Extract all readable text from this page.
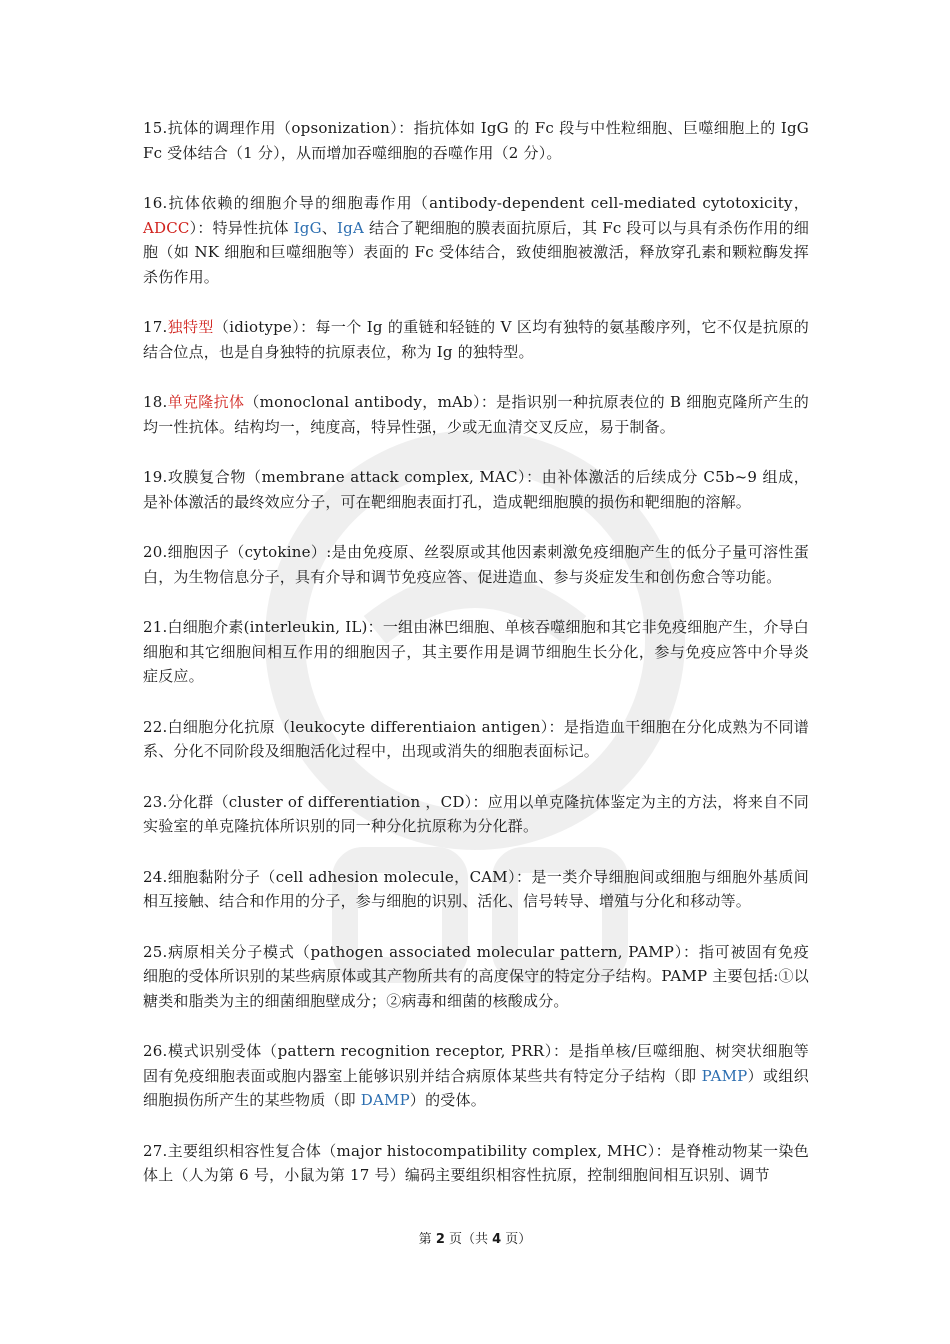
15.抗体的调理作用（opsonization）：指抗体如 IgG 的 Fc 段与中性粒细胞、巨噬细胞上的 IgG Fc 受体结合（1 分），从而增加吞噬细胞的吞噬作用（2 分）。

16.抗体依赖的细胞介导的细胞毒作用（antibody-dependent cell-mediated cytotoxicity，ADCC）：特异性抗体 IgG、IgA 结合了靶细胞的膜表面抗原后，其 Fc 段可以与具有杀伤作用的细胞（如 NK 细胞和巨噬细胞等）表面的 Fc 受体结合，致使细胞被激活，释放穿孔素和颗粒酶发挥杀伤作用。

17.独特型（idiotype）：每一个 Ig 的重链和轻链的 V 区均有独特的氨基酸序列，它不仅是抗原的结合位点，也是自身独特的抗原表位，称为 Ig 的独特型。

18.单克隆抗体（monoclonal antibody，mAb）：是指识别一种抗原表位的 B 细胞克隆所产生的均一性抗体。结构均一，纯度高，特异性强，少或无血清交叉反应，易于制备。

19.攻膜复合物（membrane attack complex, MAC）：由补体激活的后续成分 C5b~9 组成，是补体激活的最终效应分子，可在靶细胞表面打孔，造成靶细胞膜的损伤和靶细胞的溶解。

20.细胞因子（cytokine）:是由免疫原、丝裂原或其他因素刺激免疫细胞产生的低分子量可溶性蛋白，为生物信息分子，具有介导和调节免疫应答、促进造血、参与炎症发生和创伤愈合等功能。

21.白细胞介素(interleukin, IL)：一组由淋巴细胞、单核吞噬细胞和其它非免疫细胞产生，介导白细胞和其它细胞间相互作用的细胞因子，其主要作用是调节细胞生长分化，参与免疫应答中介导炎症反应。

22.白细胞分化抗原（leukocyte differentiaion antigen）：是指造血干细胞在分化成熟为不同谱系、分化不同阶段及细胞活化过程中，出现或消失的细胞表面标记。

23.分化群（cluster of differentiation ，CD）：应用以单克隆抗体鉴定为主的方法，将来自不同实验室的单克隆抗体所识别的同一种分化抗原称为分化群。

24.细胞黏附分子（cell adhesion molecule，CAM）：是一类介导细胞间或细胞与细胞外基质间相互接触、结合和作用的分子，参与细胞的识别、活化、信号转导、增殖与分化和移动等。

25.病原相关分子模式（pathogen associated molecular pattern, PAMP）：指可被固有免疫细胞的受体所识别的某些病原体或其产物所共有的高度保守的特定分子结构。PAMP 主要包括:①以糖类和脂类为主的细菌细胞壁成分；②病毒和细菌的核酸成分。

26.模式识别受体（pattern recognition receptor, PRR）：是指单核/巨噬细胞、树突状细胞等固有免疫细胞表面或胞内器室上能够识别并结合病原体某些共有特定分子结构（即 PAMP）或组织细胞损伤所产生的某些物质（即 DAMP）的受体。

27.主要组织相容性复合体（major histocompatibility complex, MHC）：是脊椎动物某一染色体上（人为第 6 号，小鼠为第 17 号）编码主要组织相容性抗原，控制细胞间相互识别、调节

第 2 页（共 4 页）
